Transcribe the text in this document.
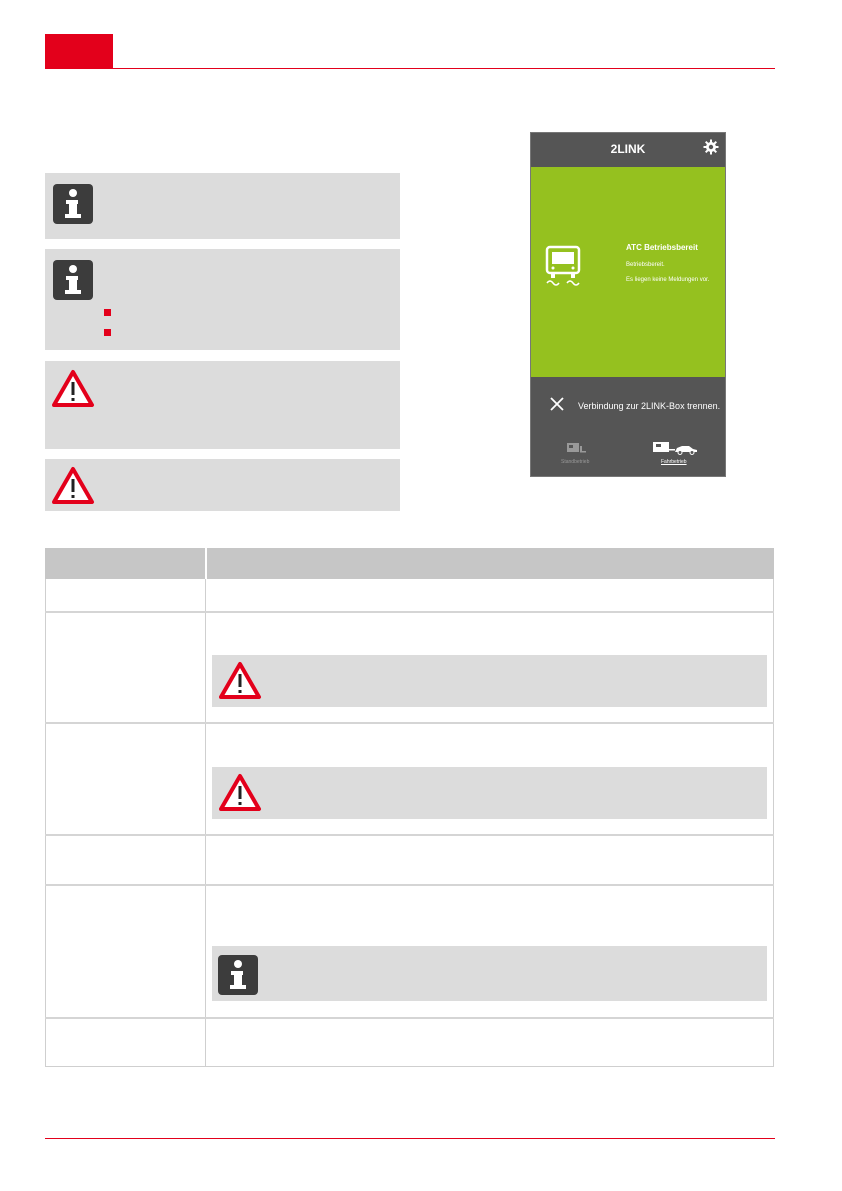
2LINK
ATC Betriebsbereit
Betriebsbereit.
Es liegen keine Meldungen vor.
Verbindung zur 2LINK-Box trennen.
Standbetrieb	Fahrbetrieb
